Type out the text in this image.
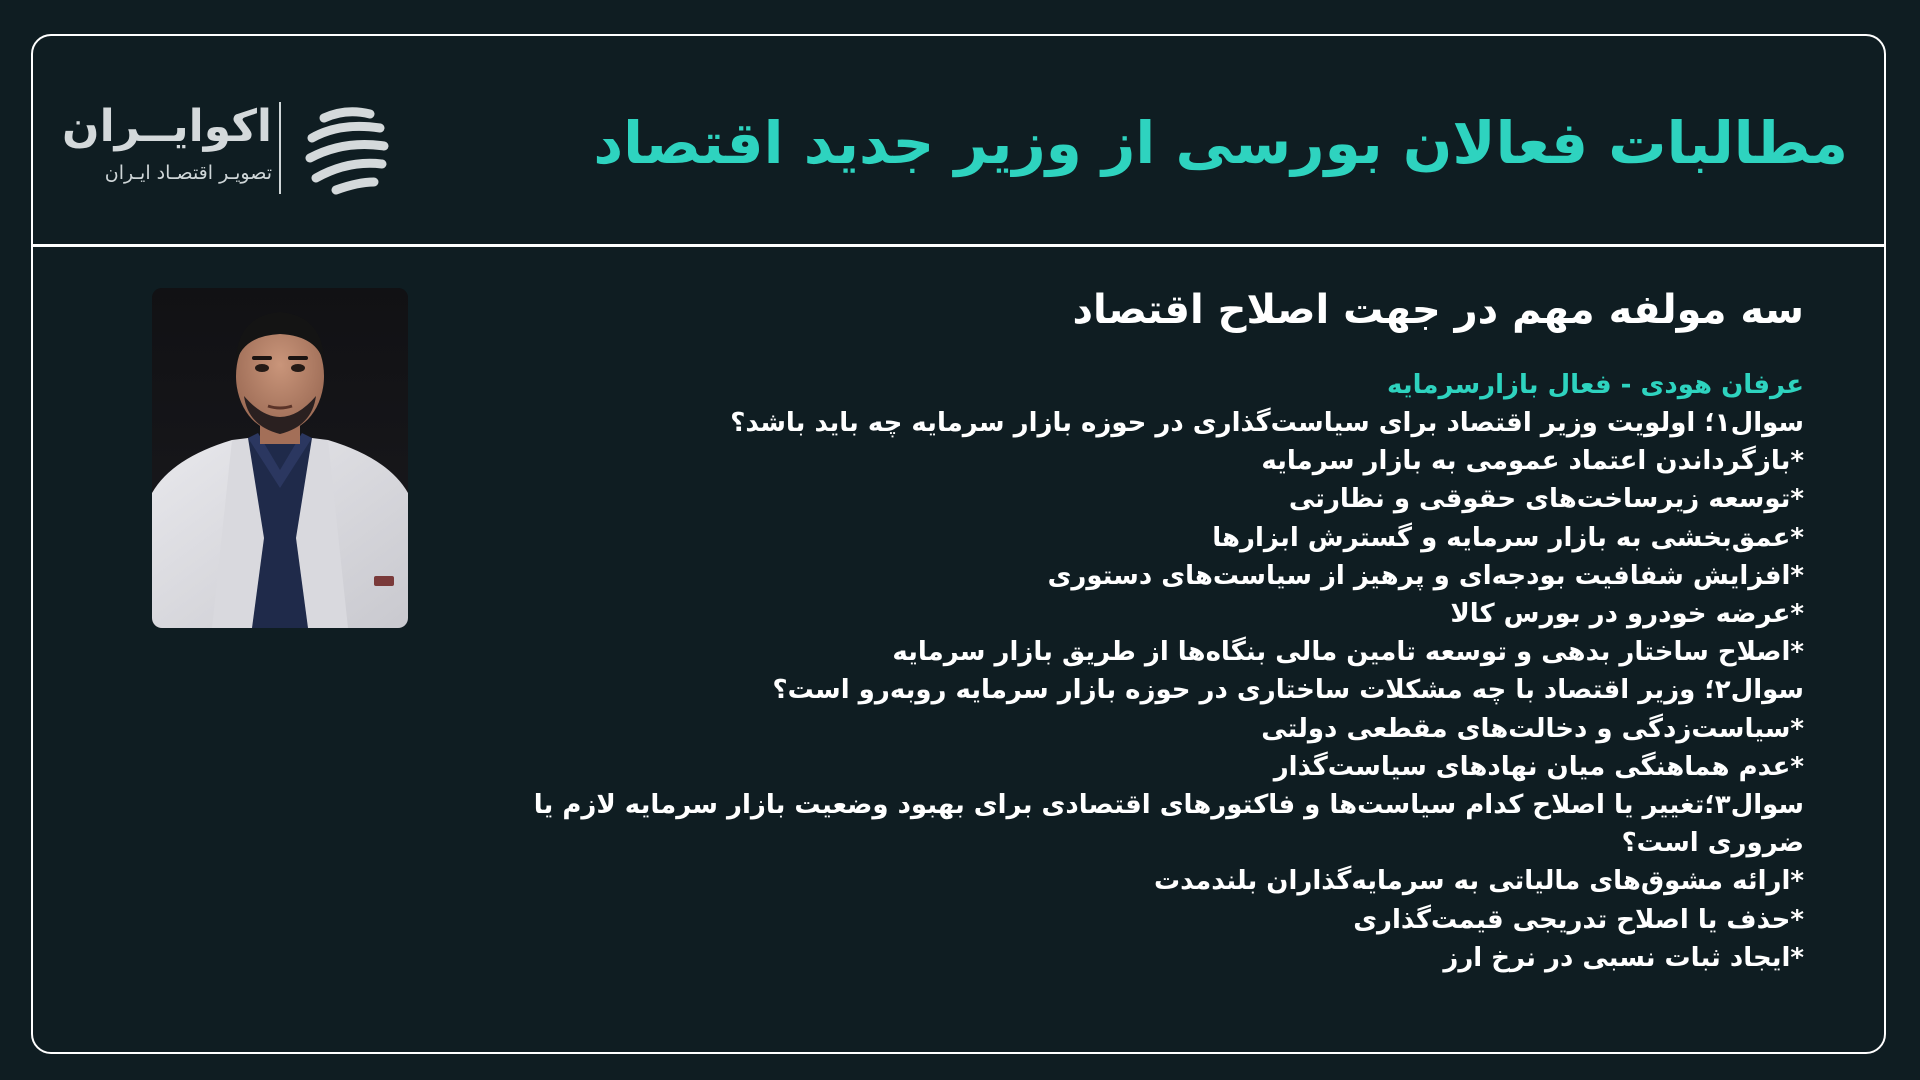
مطالبات فعالان بورسی از وزیر جدید اقتصاد
اکوایــران
تصویـر اقتصـاد ایـران
سه مولفه مهم در جهت اصلاح اقتصاد
عرفان هودی - فعال بازارسرمایه
سوال۱؛ اولویت وزیر اقتصاد برای سیاست‌گذاری در حوزه بازار سرمایه چه باید باشد؟
*بازگرداندن اعتماد عمومی به بازار سرمایه
*توسعه زیرساخت‌های حقوقی و نظارتی
*عمق‌بخشی به بازار سرمایه و گسترش ابزارها
*افزایش شفافیت بودجه‌ای و پرهیز از سیاست‌های دستوری
*عرضه خودرو در بورس کالا
*اصلاح ساختار بدهی و توسعه تامین مالی بنگاه‌ها از طریق بازار سرمایه
سوال۲؛ وزیر اقتصاد با چه مشکلات ساختاری در حوزه بازار سرمایه روبه‌رو است؟
*سیاست‌زدگی و دخالت‌های مقطعی دولتی
*عدم هماهنگی میان نهادهای سیاست‌گذار
سوال۳؛تغییر یا اصلاح کدام سیاست‌ها و فاکتورهای اقتصادی برای بهبود وضعیت بازار سرمایه لازم یا ضروری است؟
*ارائه مشوق‌های مالیاتی به سرمایه‌گذاران بلندمدت
*حذف یا اصلاح تدریجی قیمت‌گذاری
*ایجاد ثبات نسبی در نرخ ارز
